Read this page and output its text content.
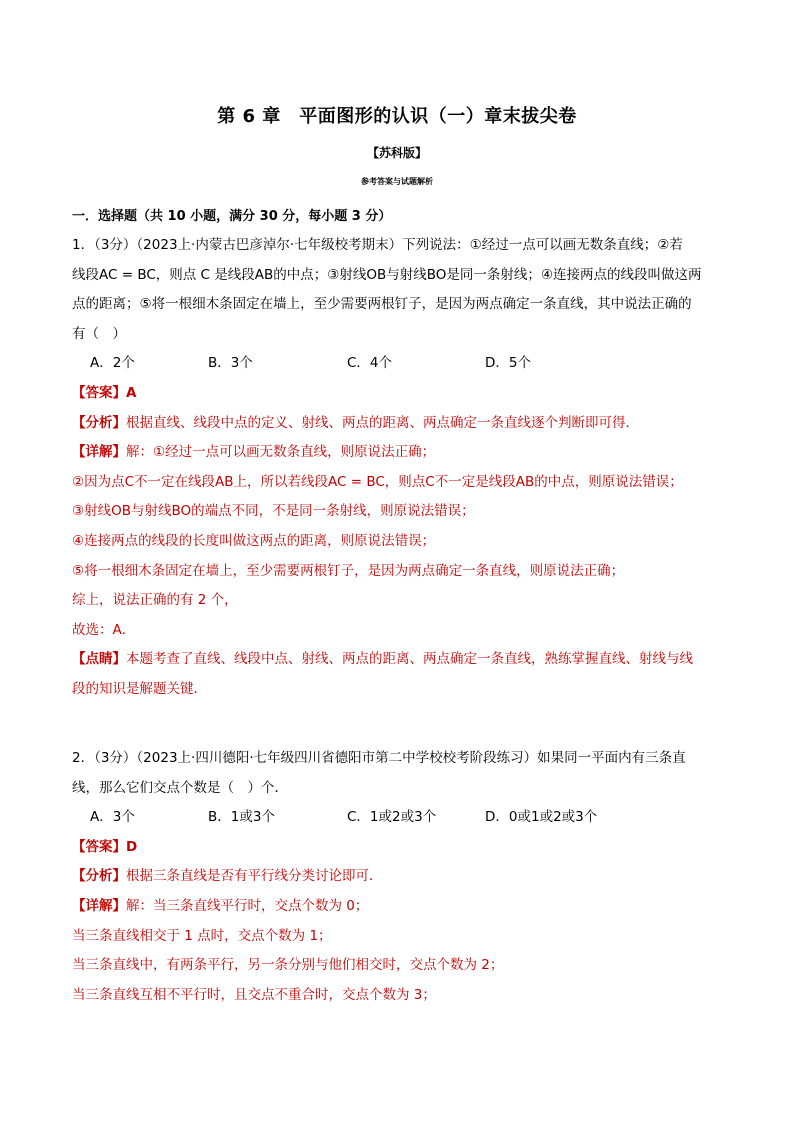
第 6 章　平面图形的认识（一）章末拔尖卷
【苏科版】
参考答案与试题解析
一．选择题（共 10 小题，满分 30 分，每小题 3 分）
1．（3分）（2023上·内蒙古巴彦淖尔·七年级校考期末）下列说法：①经过一点可以画无数条直线；②若
线段AC = BC，则点 C 是线段AB的中点；③射线OB与射线BO是同一条射线；④连接两点的线段叫做这两
点的距离；⑤将一根细木条固定在墙上，至少需要两根钉子，是因为两点确定一条直线，其中说法正确的
有（　）
A．2个	B．3个	C．4个	D．5个
【答案】A
【分析】根据直线、线段中点的定义、射线、两点的距离、两点确定一条直线逐个判断即可得．
【详解】解：①经过一点可以画无数条直线，则原说法正确；
②因为点C不一定在线段AB上，所以若线段AC = BC，则点C不一定是线段AB的中点，则原说法错误；
③射线OB与射线BO的端点不同，不是同一条射线，则原说法错误；
④连接两点的线段的长度叫做这两点的距离，则原说法错误；
⑤将一根细木条固定在墙上，至少需要两根钉子，是因为两点确定一条直线，则原说法正确；
综上，说法正确的有 2 个，
故选：A．
【点睛】本题考查了直线、线段中点、射线、两点的距离、两点确定一条直线，熟练掌握直线、射线与线
段的知识是解题关键．
2．（3分）（2023上·四川德阳·七年级四川省德阳市第二中学校校考阶段练习）如果同一平面内有三条直
线，那么它们交点个数是（　）个．
A．3个	B．1或3个	C．1或2或3个	D．0或1或2或3个
【答案】D
【分析】根据三条直线是否有平行线分类讨论即可．
【详解】解：当三条直线平行时，交点个数为 0；
当三条直线相交于 1 点时，交点个数为 1；
当三条直线中，有两条平行，另一条分别与他们相交时，交点个数为 2；
当三条直线互相不平行时，且交点不重合时，交点个数为 3；
